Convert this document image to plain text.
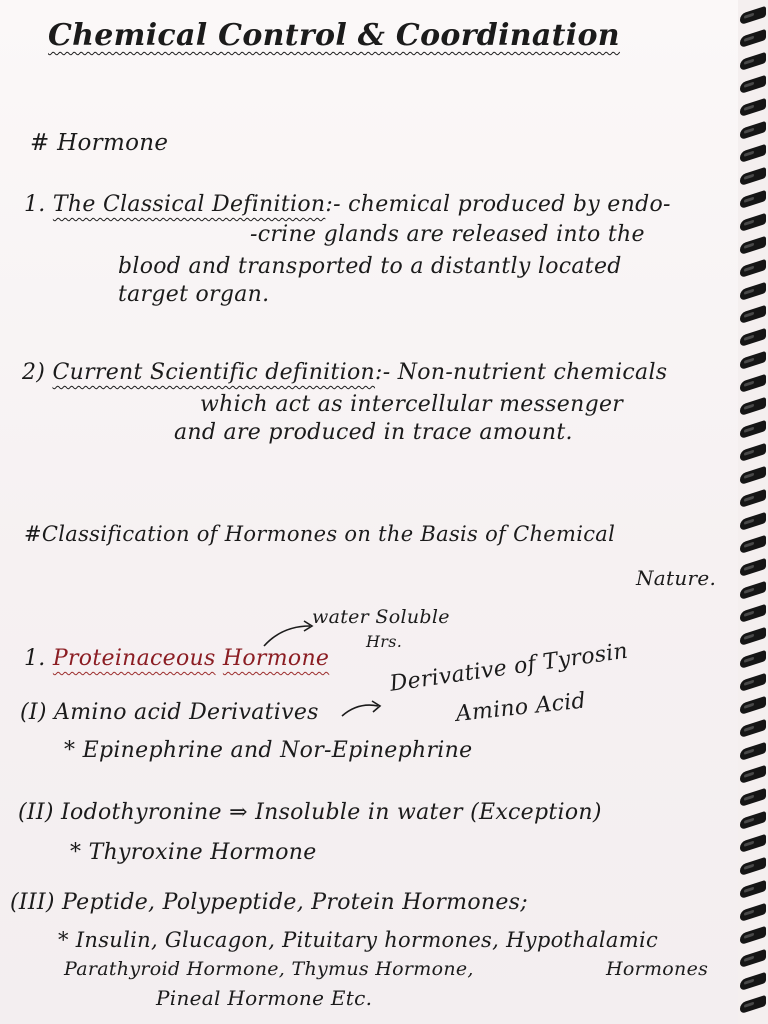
Chemical Control & Coordination
# Hormone
1. The Classical Definition:- chemical produced by endo-
-crine glands are released into the
blood and transported to a distantly located
target organ.
2) Current Scientific definition:- Non-nutrient chemicals
which act as intercellular messenger
and are produced in trace amount.
#Classification of Hormones on the Basis of Chemical
Nature.
water Soluble
Hrs.
1. Proteinaceous Hormone
(I) Amino acid Derivatives
Derivative of Tyrosin
Amino Acid
* Epinephrine and Nor-Epinephrine
(II) Iodothyronine ⇒ Insoluble in water (Exception)
* Thyroxine Hormone
(III) Peptide, Polypeptide, Protein Hormones;
* Insulin, Glucagon, Pituitary hormones, Hypothalamic
Hormones
Parathyroid Hormone, Thymus Hormone,
Pineal Hormone Etc.
